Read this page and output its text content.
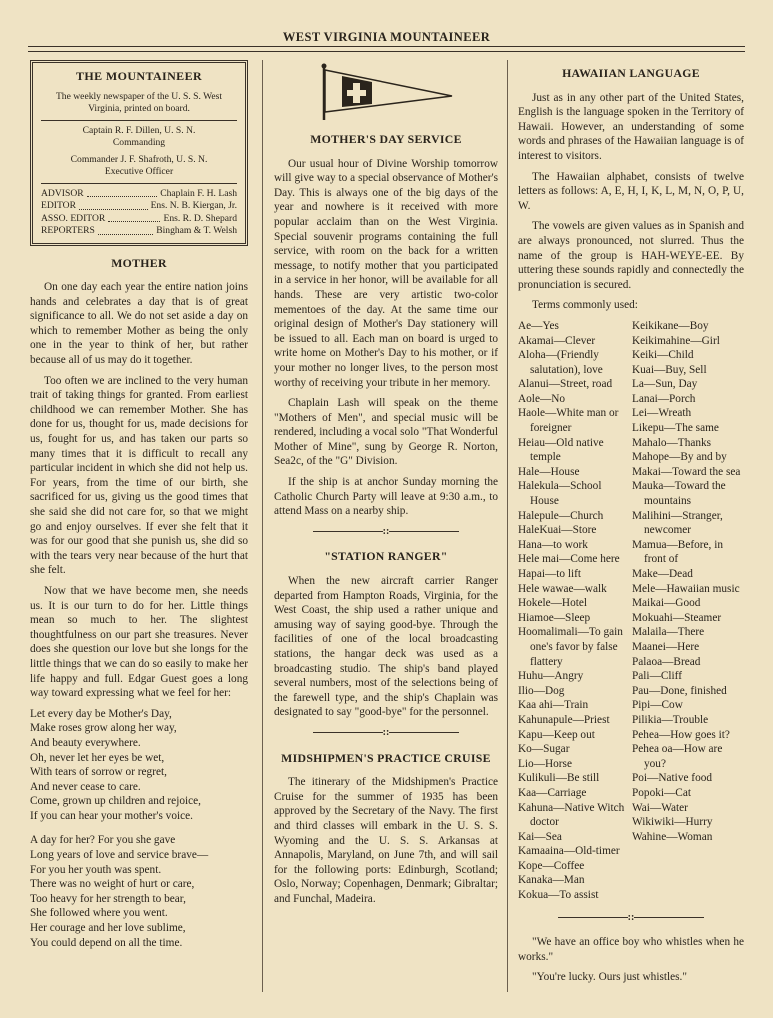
WEST VIRGINIA MOUNTAINEER
THE MOUNTAINEER
The weekly newspaper of the U. S. S. West Virginia, printed on board.
Captain R. F. Dillen, U. S. N.
Commanding
Commander J. F. Shafroth, U. S. N.
Executive Officer
ADVISOR	Chaplain F. H. Lash
EDITOR	Ens. N. B. Kiergan, Jr.
ASSO. EDITOR	Ens. R. D. Shepard
REPORTERS	Bingham & T. Welsh
MOTHER

On one day each year the entire nation joins hands and celebrates a day that is of great significance to all. We do not set aside a day on which to remember Mother as being the only one in the year to think of her, but rather because all of us may do it together.

Too often we are inclined to the very human trait of taking things for granted. From earliest childhood we can remember Mother. She has done for us, thought for us, made decisions for us, fought for us, and has taken our parts so many times that it is difficult to recall any particular incident in which she did not help us. For years, from the time of our birth, she sacrificed for us, giving us the good times that she said she did not care for, so that we might go and enjoy ourselves. If ever she felt that it was for our good that she punish us, she did so with the tears very near because of the hurt that she felt.

Now that we have become men, she needs us. It is our turn to do for her. Little things mean so much to her. The slightest thoughtfulness on our part she treasures. Never does she question our love but she longs for the little things that we can do so easily to make her life happy and full. Edgar Guest goes a long way toward expressing what we feel for her:

Let every day be Mother's Day,
Make roses grow along her way,
And beauty everywhere.
Oh, never let her eyes be wet,
With tears of sorrow or regret,
And never cease to care.
Come, grown up children and rejoice,
If you can hear your mother's voice.
A day for her? For you she gave
Long years of love and service brave—
For you her youth was spent.
There was no weight of hurt or care,
Too heavy for her strength to bear,
She followed where you went.
Her courage and her love sublime,
You could depend on all the time.
MOTHER'S DAY SERVICE

Our usual hour of Divine Worship tomorrow will give way to a special observance of Mother's Day. This is always one of the big days of the year and nowhere is it received with more popular acclaim than on the West Virginia. Special souvenir programs containing the full service, with room on the back for a written message, to notify mother that you participated in a service in her honor, will be available for all hands. These are very artistic two-color mementoes of the day. At the same time our original design of Mother's Day stationery will be issued to all. Each man on board is urged to write home on Mother's Day to his mother, or if your mother no longer lives, to the person most worthy of receiving your tribute in her memory.

Chaplain Lash will speak on the theme "Mothers of Men", and special music will be rendered, including a vocal solo "That Wonderful Mother of Mine", sung by George R. Norton, Sea2c, of the "G" Division.

If the ship is at anchor Sunday morning the Catholic Church Party will leave at 9:30 a.m., to attend Mass on a nearby ship.

::
"STATION RANGER"

When the new aircraft carrier Ranger departed from Hampton Roads, Virginia, for the West Coast, the ship used a rather unique and amusing way of saying good-bye. Through the facilities of one of the local broadcasting stations, the hangar deck was used as a broadcasting studio. The ship's band played several numbers, most of the selections being of the farewell type, and the ship's Chaplain was designated to say "good-bye" for the personnel.

::
MIDSHIPMEN'S PRACTICE CRUISE

The itinerary of the Midshipmen's Practice Cruise for the summer of 1935 has been approved by the Secretary of the Navy. The first and third classes will embark in the U. S. S. Wyoming and the U. S. S. Arkansas at Annapolis, Maryland, on June 7th, and will sail for the following ports: Edinburgh, Scotland; Oslo, Norway; Copenhagen, Denmark; Gibraltar; and Funchal, Madeira.

HAWAIIAN LANGUAGE

Just as in any other part of the United States, English is the language spoken in the Territory of Hawaii. However, an understanding of some words and phrases of the Hawaiian language is of interest to visitors.

The Hawaiian alphabet, consists of twelve letters as follows: A, E, H, I, K, L, M, N, O, P, U, W.

The vowels are given values as in Spanish and are always pronounced, not slurred. Thus the name of the group is HAH-WEYE-EE. By uttering these sounds rapidly and connectedly the pronunciation is secured.

Terms commonly used:

Ae—Yes
Akamai—Clever
Aloha—(Friendly salutation), love
Alanui—Street, road
Aole—No
Haole—White man or foreigner
Heiau—Old native temple
Hale—House
Halekula—School House
Halepule—Church
HaleKuai—Store
Hana—to work
Hele mai—Come here
Hapai—to lift
Hele wawae—walk
Hokele—Hotel
Hiamoe—Sleep
Hoomalimali—To gain one's favor by false flattery
Huhu—Angry
Ilio—Dog
Kaa ahi—Train
Kahunapule—Priest
Kapu—Keep out
Ko—Sugar
Lio—Horse
Kulikuli—Be still
Kaa—Carriage
Kahuna—Native Witch doctor
Kai—Sea
Kamaaina—Old-timer
Kope—Coffee
Kanaka—Man
Kokua—To assist
Keikikane—Boy
Keikimahine—Girl
Keiki—Child
Kuai—Buy, Sell
La—Sun, Day
Lanai—Porch
Lei—Wreath
Likepu—The same
Mahalo—Thanks
Mahope—By and by
Makai—Toward the sea
Mauka—Toward the mountains
Malihini—Stranger, newcomer
Mamua—Before, in front of
Make—Dead
Mele—Hawaiian music
Maikai—Good
Mokuahi—Steamer
Malaila—There
Maanei—Here
Palaoa—Bread
Pali—Cliff
Pau—Done, finished
Pipi—Cow
Pilikia—Trouble
Pehea—How goes it?
Pehea oa—How are you?
Poi—Native food
Popoki—Cat
Wai—Water
Wikiwiki—Hurry
Wahine—Woman
::

"We have an office boy who whistles when he works."

"You're lucky. Ours just whistles."
